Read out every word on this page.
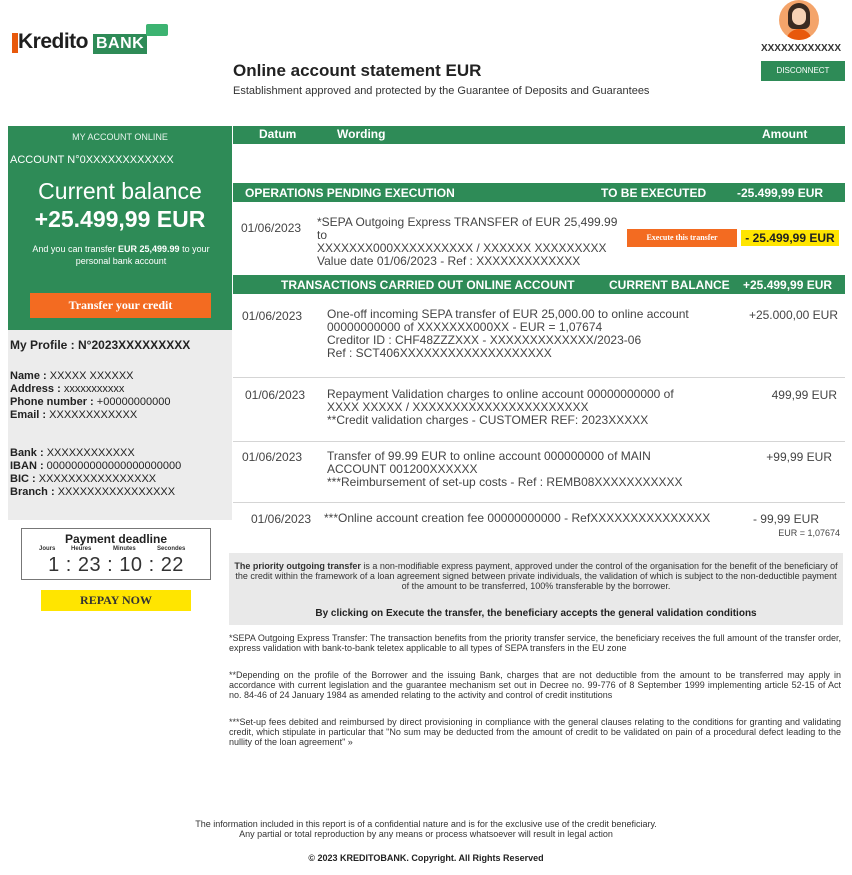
Kredito BANK	XXXXXXXXXXXX
DISCONNECT
Online account statement EUR
Establishment approved and protected by the Guarantee of Deposits and Guarantees
MY ACCOUNT ONLINE
ACCOUNT N°0XXXXXXXXXXXX
Current balance
+25.499,99 EUR
And you can transfer EUR 25,499.99 to your personal bank account
Transfer your credit
My Profile : N°2023XXXXXXXXX
Name : XXXXX XXXXXX
Address : xxxxxxxxxxx
Phone number : +00000000000
Email : XXXXXXXXXXXX
Bank : XXXXXXXXXXXX
IBAN : 0000000000000000000000
BIC : XXXXXXXXXXXXXXXX
Branch : XXXXXXXXXXXXXXXX
Payment deadline
Jours	Heures	Minutes	Secondes
1 : 23 : 10 : 22
REPAY NOW
Datum	Wording	Amount
OPERATIONS PENDING EXECUTION	TO BE EXECUTED	-25.499,99 EUR
01/06/2023 *SEPA Outgoing Express TRANSFER of EUR 25,499.99 to
XXXXXXX000XXXXXXXXXX / XXXXXX XXXXXXXXX
Value date 01/06/2023 - Ref : XXXXXXXXXXXXX
Execute this transfer	- 25.499,99 EUR
TRANSACTIONS CARRIED OUT ONLINE ACCOUNT	CURRENT BALANCE +25.499,99 EUR
01/06/2023 One-off incoming SEPA transfer of EUR 25,000.00 to online account
00000000000 of XXXXXXX000XX - EUR = 1,07674
Creditor ID : CHF48ZZZXXX - XXXXXXXXXXXXX/2023-06
Ref : SCT406XXXXXXXXXXXXXXXXXXX
+25.000,00 EUR
01/06/2023 Repayment Validation charges to online account 00000000000 of
XXXX XXXXX / XXXXXXXXXXXXXXXXXXXXXX
**Credit validation charges - CUSTOMER REF: 2023XXXXX
499,99 EUR
01/06/2023 Transfer of 99.99 EUR to online account 000000000 of MAIN
ACCOUNT 001200XXXXXX
***Reimbursement of set-up costs - Ref : REMB08XXXXXXXXXXX
+99,99 EUR
01/06/2023 ***Online account creation fee 00000000000 - RefXXXXXXXXXXXXXXX	- 99,99 EUR
EUR = 1,07674
The priority outgoing transfer is a non-modifiable express payment, approved under the control of the organisation for the benefit of the beneficiary of the credit within the framework of a loan agreement signed between private individuals, the validation of which is subject to the non-deductible payment of the amount to be transferred, 100% transferable by the borrower.
By clicking on Execute the transfer, the beneficiary accepts the general validation conditions
*SEPA Outgoing Express Transfer: The transaction benefits from the priority transfer service, the beneficiary receives the full amount of the transfer order, express validation with bank-to-bank teletex applicable to all types of SEPA transfers in the EU zone
**Depending on the profile of the Borrower and the issuing Bank, charges that are not deductible from the amount to be transferred may apply in accordance with current legislation and the guarantee mechanism set out in Decree no. 99-776 of 8 September 1999 implementing article 52-15 of Act no. 84-46 of 24 January 1984 as amended relating to the activity and control of credit institutions
***Set-up fees debited and reimbursed by direct provisioning in compliance with the general clauses relating to the conditions for granting and validating credit, which stipulate in particular that "No sum may be deducted from the amount of credit to be validated on pain of a procedural defect leading to the nullity of the loan agreement" »
The information included in this report is of a confidential nature and is for the exclusive use of the credit beneficiary.
Any partial or total reproduction by any means or process whatsoever will result in legal action
© 2023 KREDITOBANK. Copyright. All Rights Reserved
